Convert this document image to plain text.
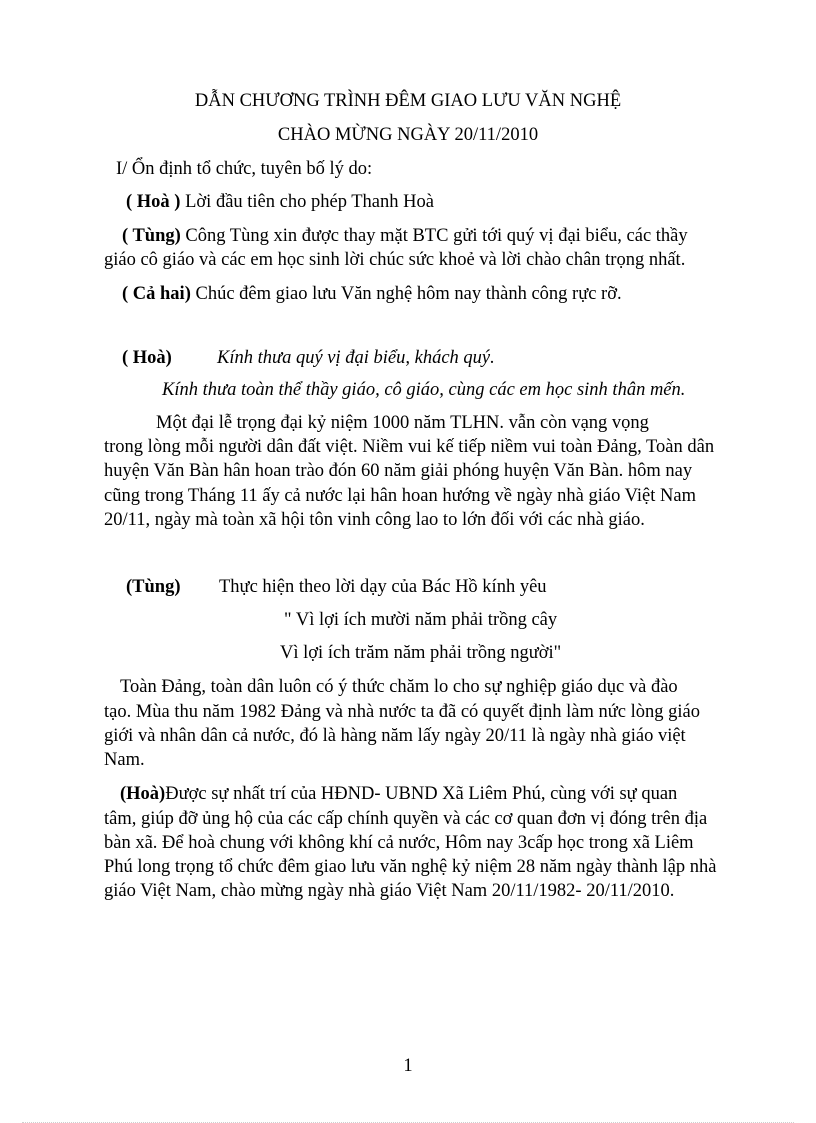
DẪN CHƯƠNG TRÌNH ĐÊM GIAO LƯU VĂN NGHỆ
CHÀO MỪNG NGÀY 20/11/2010
I/ Ổn định tổ chức, tuyên bố lý do:
( Hoà ) Lời đầu tiên cho phép Thanh Hoà
( Tùng) Công Tùng xin được thay mặt BTC gửi tới quý vị đại biểu, các thầy
giáo cô giáo và các em học sinh lời chúc sức khoẻ và lời chào chân trọng nhất.
( Cả hai) Chúc đêm giao lưu Văn nghệ hôm nay thành công rực rỡ.
( Hoà) Kính thưa quý vị đại biểu, khách quý.
Kính thưa toàn thể thầy giáo, cô giáo, cùng các em học sinh thân mến.
Một đại lễ trọng đại kỷ niệm 1000 năm TLHN. vẫn còn vạng vọng
trong lòng mỗi người dân đất việt. Niềm vui kế tiếp niềm vui toàn Đảng, Toàn dân
huyện Văn Bàn hân hoan trào đón 60 năm giải phóng huyện Văn Bàn. hôm nay
cũng trong Tháng 11 ấy cả nước lại hân hoan hướng về ngày nhà giáo Việt Nam
20/11, ngày mà toàn xã hội tôn vinh công lao to lớn đối với các nhà giáo.
(Tùng) Thực hiện theo lời dạy của Bác Hồ kính yêu
" Vì lợi ích mười năm phải trồng cây
Vì lợi ích trăm năm phải trồng người"
Toàn Đảng, toàn dân luôn có ý thức chăm lo cho sự nghiệp giáo dục và đào
tạo. Mùa thu năm 1982 Đảng và nhà nước ta đã có quyết định làm nức lòng giáo
giới và nhân dân cả nước, đó là hàng năm lấy ngày 20/11 là ngày nhà giáo việt
Nam.
(Hoà)Được sự nhất trí của HĐND- UBND Xã Liêm Phú, cùng với sự quan
tâm, giúp đỡ ủng hộ của các cấp chính quyền và các cơ quan đơn vị đóng trên địa
bàn xã. Để hoà chung với không khí cả nước, Hôm nay 3cấp học trong xã Liêm
Phú long trọng tổ chức đêm giao lưu văn nghệ kỷ niệm 28 năm ngày thành lập nhà
giáo Việt Nam, chào mừng ngày nhà giáo Việt Nam 20/11/1982- 20/11/2010.
1
